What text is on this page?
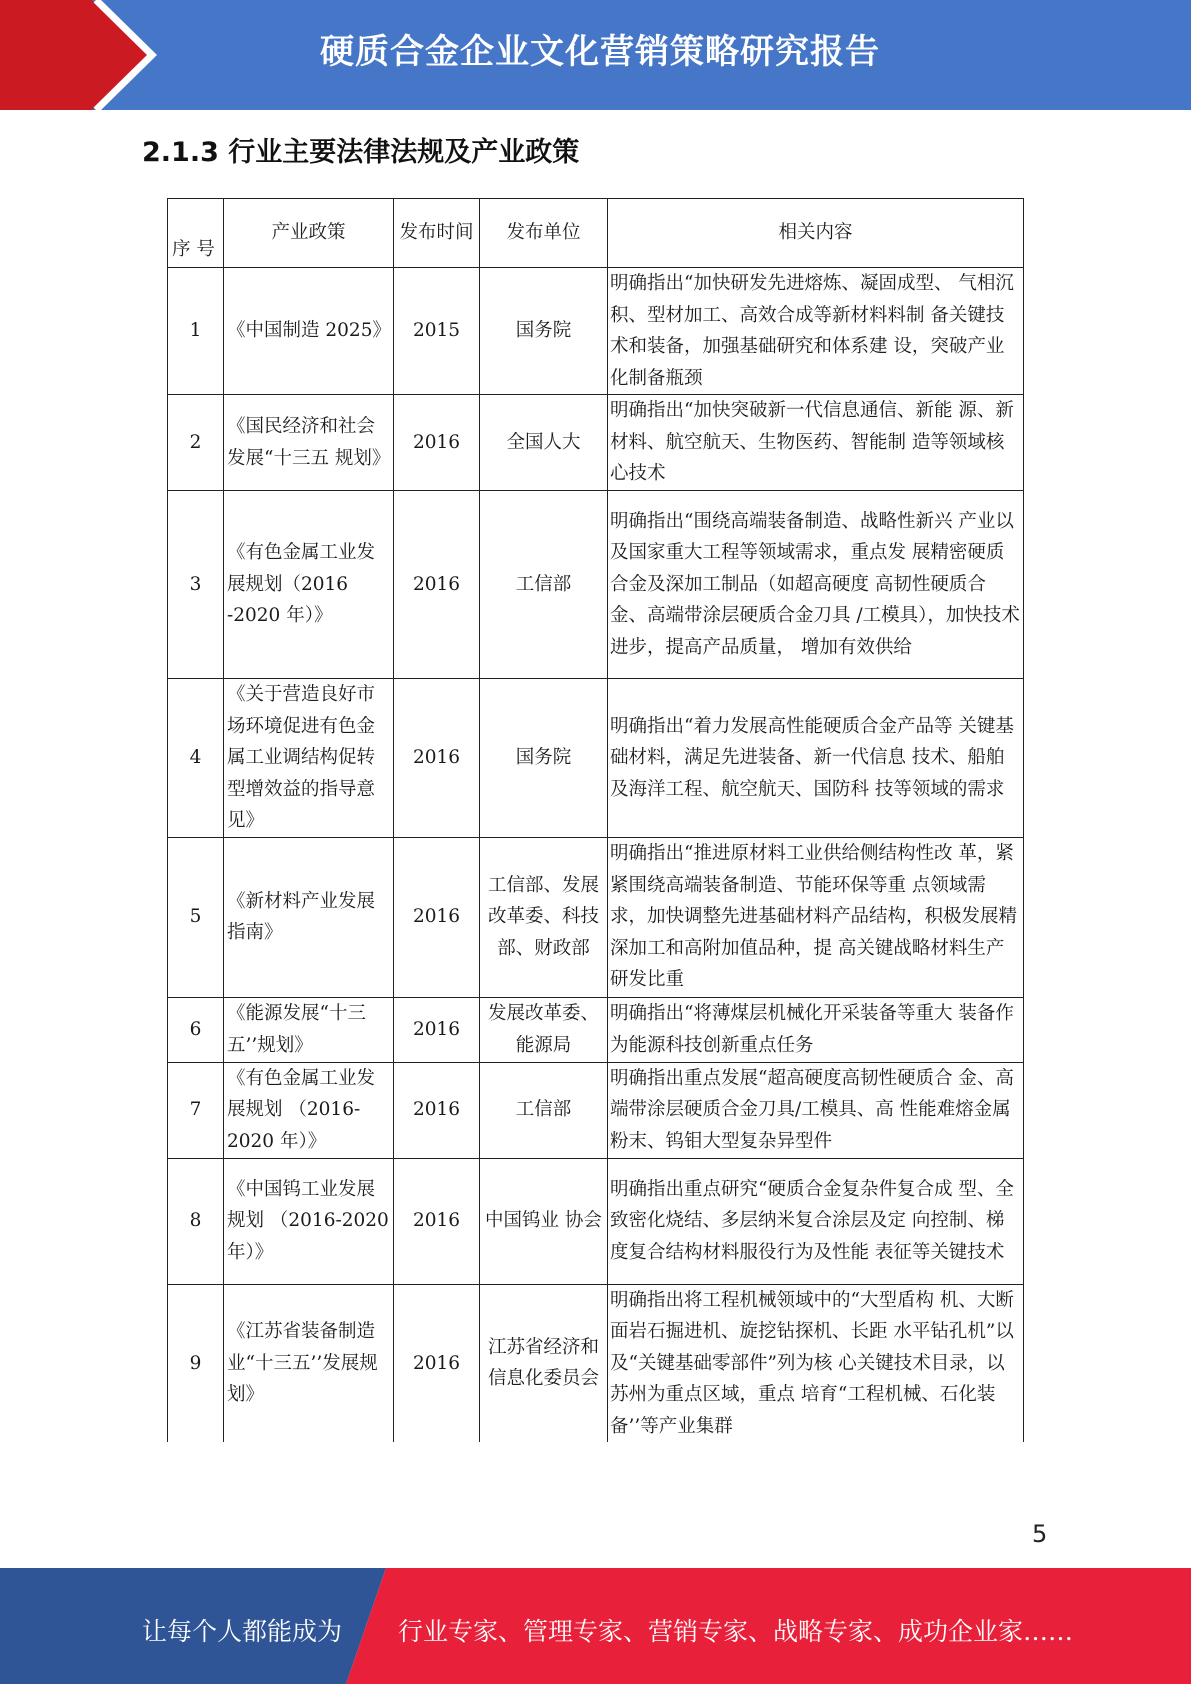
硬质合金企业文化营销策略研究报告
2.1.3 行业主要法律法规及产业政策
序 号	产业政策	发布时间	发布单位	相关内容
1	《中国制造 2025》	2015	国务院	明确指出“加快研发先进熔炼、凝固成型、 气相沉积、型材加工、高效合成等新材料料制 备关键技术和装备，加强基础研究和体系建 设，突破产业化制备瓶颈
2	《国民经济和社会发展“十三五 规划》	2016	全国人大	明确指出“加快突破新一代信息通信、新能 源、新材料、航空航天、生物医药、智能制 造等领域核心技术
3	《有色金属工业发展规划（2016 -2020 年）》	2016	工信部	明确指出“围绕高端装备制造、战略性新兴 产业以及国家重大工程等领域需求，重点发 展精密硬质合金及深加工制品（如超高硬度 高韧性硬质合金、高端带涂层硬质合金刀具 /工模具），加快技术进步，提高产品质量， 增加有效供给
4	《关于营造良好市场环境促进有色金属工业调结构促转型增效益的指导意见》	2016	国务院	明确指出“着力发展高性能硬质合金产品等 关键基础材料，满足先进装备、新一代信息 技术、船舶及海洋工程、航空航天、国防科 技等领域的需求
5	《新材料产业发展指南》	2016	工信部、发展改革委、科技部、财政部	明确指出“推进原材料工业供给侧结构性改 革，紧紧围绕高端装备制造、节能环保等重 点领域需求，加快调整先进基础材料产品结构，积极发展精深加工和高附加值品种，提 高关键战略材料生产研发比重
6	《能源发展“十三五’’规划》	2016	发展改革委、能源局	明确指出“将薄煤层机械化开采装备等重大 装备作为能源科技创新重点任务
7	《有色金属工业发展规划 （2016-2020 年）》	2016	工信部	明确指出重点发展“超高硬度高韧性硬质合 金、高端带涂层硬质合金刀具/工模具、高 性能难熔金属粉末、钨钼大型复杂异型件
8	《中国钨工业发展规划 （2016-2020 年）》	2016	中国钨业 协会	明确指出重点研究“硬质合金复杂件复合成 型、全致密化烧结、多层纳米复合涂层及定 向控制、梯度复合结构材料服役行为及性能 表征等关键技术
9	《江苏省装备制造业“十三五’’发展规划》	2016	江苏省经济和信息化委员会	明确指出将工程机械领域中的“大型盾构 机、大断面岩石掘进机、旋挖钻探机、长距 水平钻孔机”以及“关键基础零部件”列为核 心关键技术目录，以苏州为重点区域，重点 培育“工程机械、石化装备’’等产业集群
5
让每个人都能成为 行业专家、管理专家、营销专家、战略专家、成功企业家……
